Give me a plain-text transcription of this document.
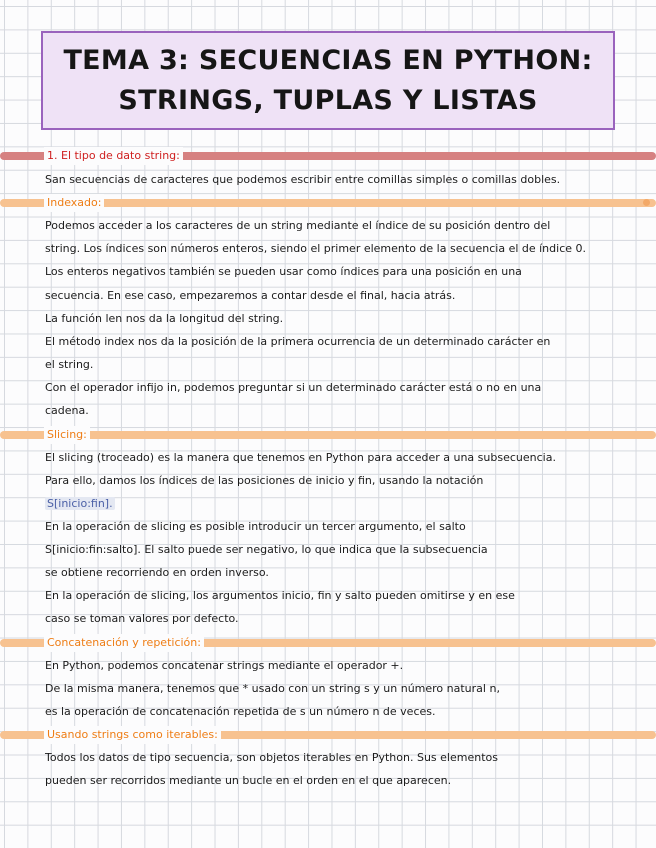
TEMA 3: SECUENCIAS EN PYTHON:
STRINGS, TUPLAS Y LISTAS
1. El tipo de dato string:
San secuencias de caracteres que podemos escribir entre comillas simples o comillas dobles.
Indexado:
Podemos acceder a los caracteres de un string mediante el índice de su posición dentro del
string. Los índices son números enteros, siendo el primer elemento de la secuencia el de índice 0.
Los enteros negativos también se pueden usar como índices para una posición en una
secuencia. En ese caso, empezaremos a contar desde el final, hacia atrás.
La función len nos da la longitud del string.
El método index nos da la posición de la primera ocurrencia de un determinado carácter en
el string.
Con el operador infijo in, podemos preguntar si un determinado carácter está o no en una
cadena.
Slicing:
El slicing (troceado) es la manera que tenemos en Python para acceder a una subsecuencia.
Para ello, damos los índices de las posiciones de inicio y fin, usando la notación
S[inicio:fin].
En la operación de slicing es posible introducir un tercer argumento, el salto
S[inicio:fin:salto]. El salto puede ser negativo, lo que indica que la subsecuencia
se obtiene recorriendo en orden inverso.
En la operación de slicing, los argumentos inicio, fin y salto pueden omitirse y en ese
caso se toman valores por defecto.
Concatenación y repetición:
En Python, podemos concatenar strings mediante el operador +.
De la misma manera, tenemos que * usado con un string s y un número natural n,
es la operación de concatenación repetida de s un número n de veces.
Usando strings como iterables:
Todos los datos de tipo secuencia, son objetos iterables en Python. Sus elementos
pueden ser recorridos mediante un bucle en el orden en el que aparecen.
